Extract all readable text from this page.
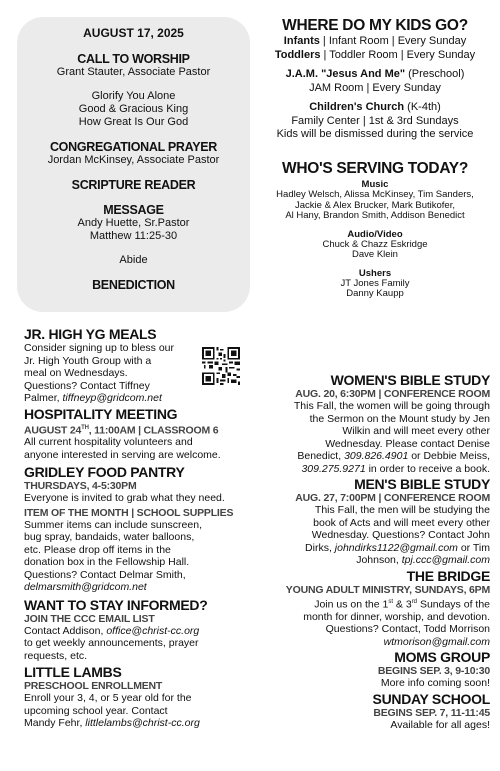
AUGUST 17, 2025
CALL TO WORSHIP
Grant Stauter, Associate Pastor
Glorify You Alone
Good & Gracious King
How Great Is Our God
CONGREGATIONAL PRAYER
Jordan McKinsey, Associate Pastor
SCRIPTURE READER
MESSAGE
Andy Huette, Sr.Pastor
Matthew 11:25-30
Abide
BENEDICTION
WHERE DO MY KIDS GO?
Infants | Infant Room | Every Sunday
Toddlers | Toddler Room | Every Sunday
J.A.M. "Jesus And Me" (Preschool)
JAM Room | Every Sunday
Children's Church (K-4th)
Family Center | 1st & 3rd Sundays
Kids will be dismissed during the service
WHO'S SERVING TODAY?
Music
Hadley Welsch, Alissa McKinsey, Tim Sanders,
Jackie & Alex Brucker, Mark Butikofer,
Al Hany, Brandon Smith, Addison Benedict
Audio/Video
Chuck & Chazz Eskridge
Dave Klein
Ushers
JT Jones Family
Danny Kaupp
JR. HIGH YG MEALS
Consider signing up to bless our
Jr. High Youth Group with a
meal on Wednesdays.
Questions? Contact Tiffney
Palmer, tiffneyp@gridcom.net
HOSPITALITY MEETING
AUGUST 24TH, 11:00AM | CLASSROOM 6
All current hospitality volunteers and
anyone interested in serving are welcome.
GRIDLEY FOOD PANTRY
THURSDAYS, 4-5:30PM
Everyone is invited to grab what they need.
ITEM OF THE MONTH | SCHOOL SUPPLIES
Summer items can include sunscreen,
bug spray, bandaids, water balloons,
etc. Please drop off items in the
donation box in the Fellowship Hall.
Questions? Contact Delmar Smith,
delmarsmith@gridcom.net
WANT TO STAY INFORMED?
JOIN THE CCC EMAIL LIST
Contact Addison, office@christ-cc.org
to get weekly announcements, prayer
requests, etc.
LITTLE LAMBS
PRESCHOOL ENROLLMENT
Enroll your 3, 4, or 5 year old for the
upcoming school year. Contact
Mandy Fehr, littlelambs@christ-cc.org
WOMEN'S BIBLE STUDY
AUG. 20, 6:30PM | CONFERENCE ROOM
This Fall, the women will be going through
the Sermon on the Mount study by Jen
Wilkin and will meet every other
Wednesday. Please contact Denise
Benedict, 309.826.4901 or Debbie Meiss,
309.275.9271 in order to receive a book.
MEN'S BIBLE STUDY
AUG. 27, 7:00PM | CONFERENCE ROOM
This Fall, the men will be studying the
book of Acts and will meet every other
Wednesday. Questions? Contact John
Dirks, johndirks1122@gmail.com or Tim
Johnson, tpj.ccc@gmail.com
THE BRIDGE
YOUNG ADULT MINISTRY, SUNDAYS, 6PM
Join us on the 1st & 3rd Sundays of the
month for dinner, worship, and devotion.
Questions? Contact, Todd Morrison
wtmorison@gmail.com
MOMS GROUP
BEGINS SEP. 3, 9-10:30
More info coming soon!
SUNDAY SCHOOL
BEGINS SEP. 7, 11-11:45
Available for all ages!
